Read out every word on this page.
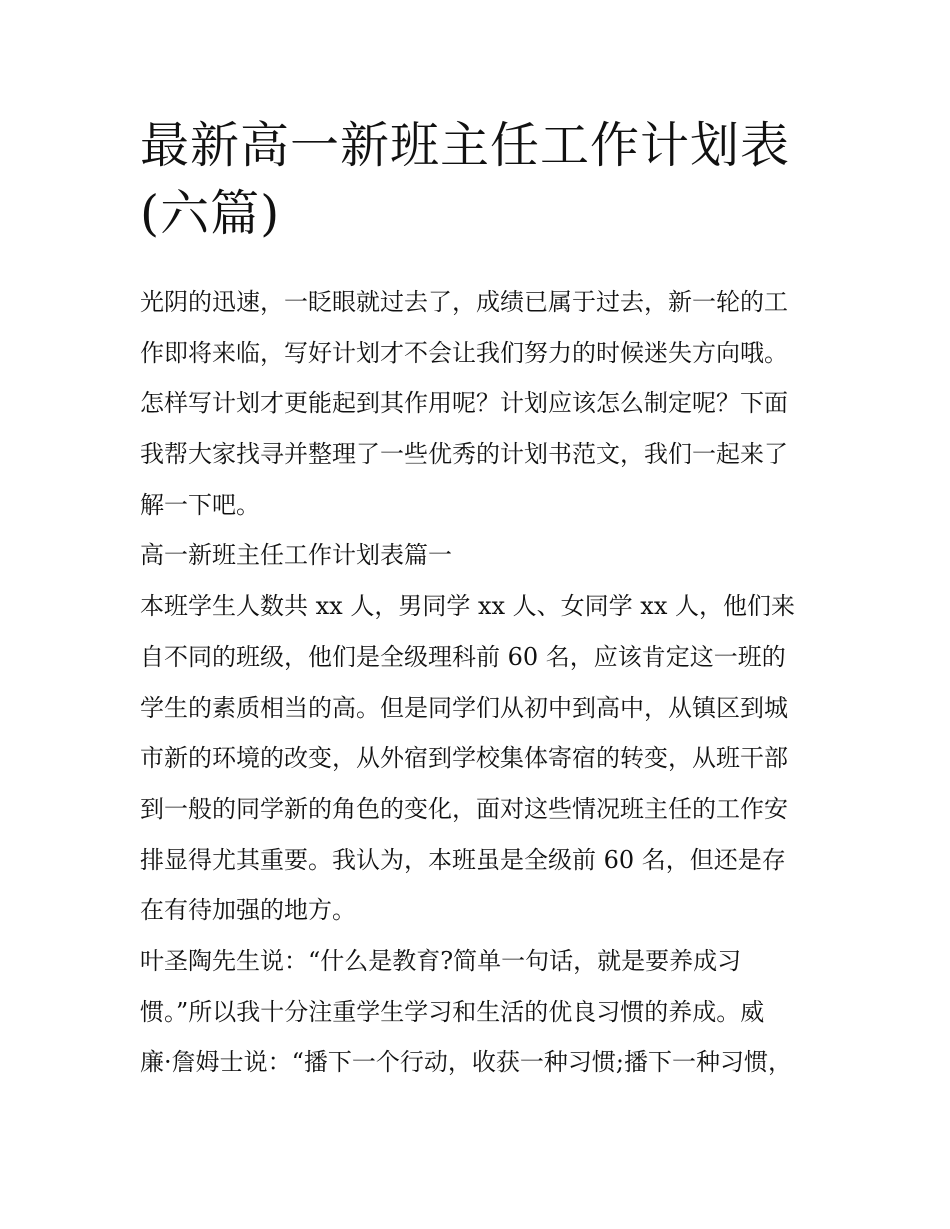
最新高一新班主任工作计划表
(六篇)
光阴的迅速，一眨眼就过去了，成绩已属于过去，新一轮的工
作即将来临，写好计划才不会让我们努力的时候迷失方向哦。
怎样写计划才更能起到其作用呢？计划应该怎么制定呢？下面
我帮大家找寻并整理了一些优秀的计划书范文，我们一起来了
解一下吧。
高一新班主任工作计划表篇一
本班学生人数共 xx 人，男同学 xx 人、女同学 xx 人，他们来
自不同的班级，他们是全级理科前 60 名，应该肯定这一班的
学生的素质相当的高。但是同学们从初中到高中，从镇区到城
市新的环境的改变，从外宿到学校集体寄宿的转变，从班干部
到一般的同学新的角色的变化，面对这些情况班主任的工作安
排显得尤其重要。我认为，本班虽是全级前 60 名，但还是存
在有待加强的地方。
叶圣陶先生说：“什么是教育?简单一句话，就是要养成习
惯。”所以我十分注重学生学习和生活的优良习惯的养成。威
廉·詹姆士说：“播下一个行动，收获一种习惯;播下一种习惯，
